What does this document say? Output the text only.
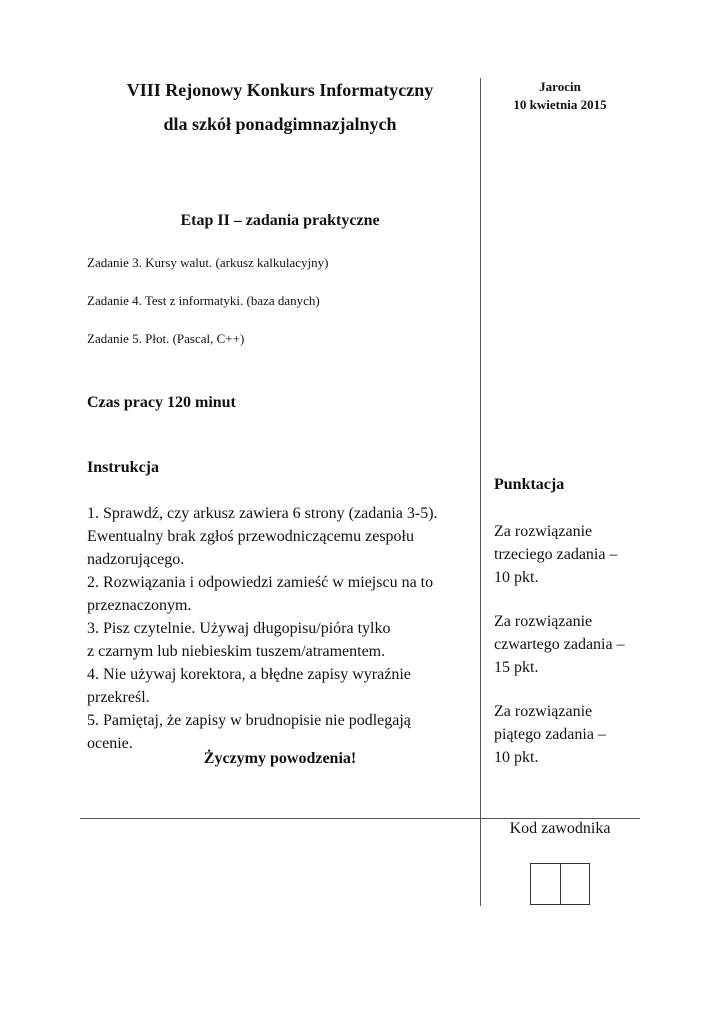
VIII Rejonowy Konkurs Informatyczny
dla szkół ponadgimnazjalnych
Jarocin
10 kwietnia 2015
Etap II – zadania praktyczne
Zadanie 3. Kursy walut. (arkusz kalkulacyjny)
Zadanie 4. Test z informatyki. (baza danych)
Zadanie 5. Płot. (Pascal, C++)
Czas pracy 120 minut
Instrukcja
1. Sprawdź, czy arkusz zawiera 6 strony (zadania 3-5).
Ewentualny brak zgłoś przewodniczącemu zespołu
nadzorującego.
2. Rozwiązania i odpowiedzi zamieść w miejscu na to
przeznaczonym.
3. Pisz czytelnie. Używaj długopisu/pióra tylko
z czarnym lub niebieskim tuszem/atramentem.
4. Nie używaj korektora, a błędne zapisy wyraźnie
przekreśl.
5. Pamiętaj, że zapisy w brudnopisie nie podlegają
ocenie.
Życzymy powodzenia!
Punktacja
Za rozwiązanie
trzeciego zadania –
10 pkt.
Za rozwiązanie
czwartego zadania –
15 pkt.
Za rozwiązanie
piątego zadania –
10 pkt.
Kod zawodnika
